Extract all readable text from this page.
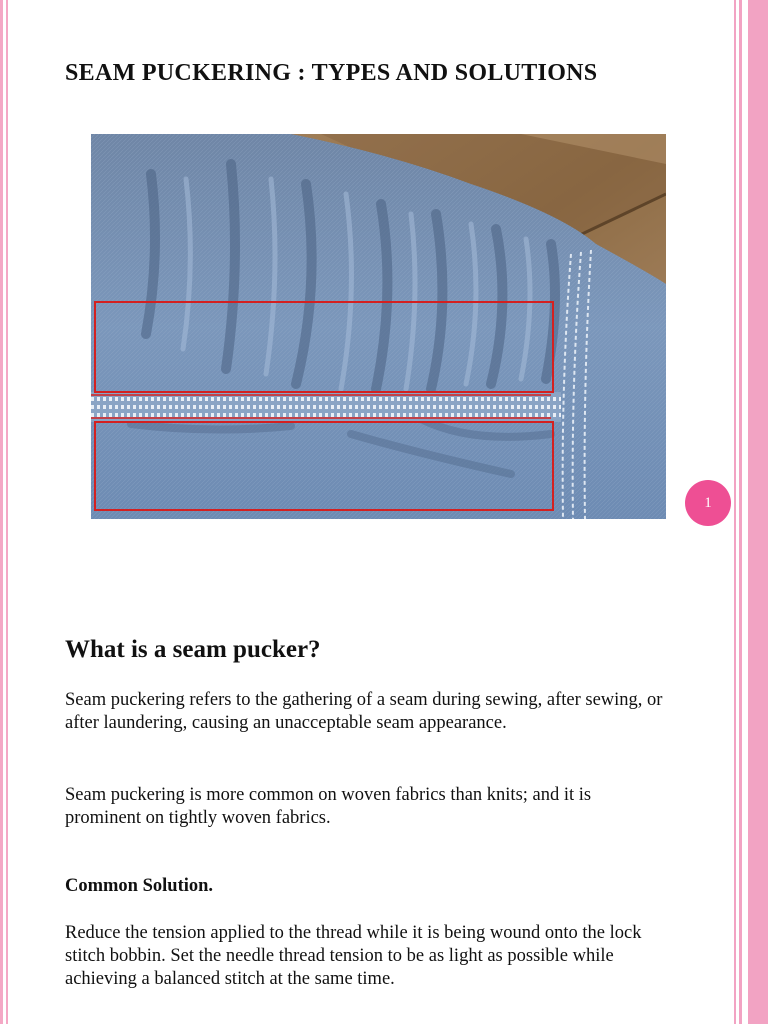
SEAM PUCKERING : TYPES AND SOLUTIONS
1
What is a seam pucker?

Seam puckering refers to the gathering of a seam during sewing, after sewing, or after laundering, causing an unacceptable seam appearance.

Seam puckering is more common on woven fabrics than knits; and it is prominent on tightly woven fabrics.

Common Solution.

Reduce the tension applied to the thread while it is being wound onto the lock stitch bobbin. Set the needle thread tension to be as light as possible while achieving a balanced stitch at the same time.
